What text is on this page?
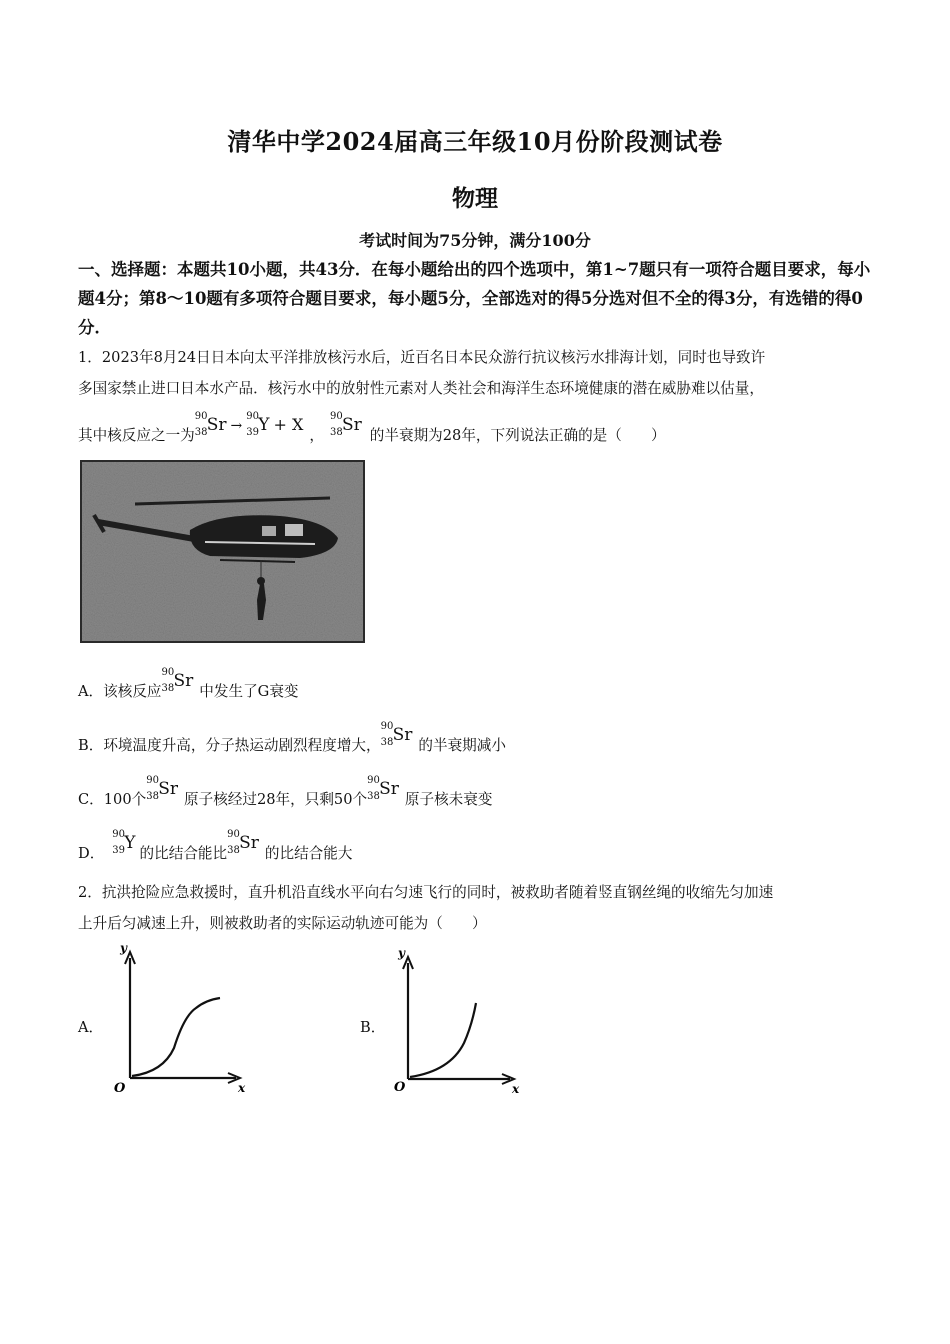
清华中学2024届高三年级10月份阶段测试卷
物理
考试时间为75分钟，满分100分
一、选择题：本题共10小题，共43分．在每小题给出的四个选项中，第1~7题只有一项符合题目要求，每小题4分；第8～10题有多项符合题目要求，每小题5分，全部选对的得5分选对但不全的得3分，有选错的得0分．
1．2023年8月24日日本向太平洋排放核污水后，近百名日本民众游行抗议核污水排海计划，同时也导致许
多国家禁止进口日本水产品．核污水中的放射性元素对人类社会和海洋生态环境健康的潜在威胁难以估量，
其中核反应之一为
90
38 Sr →
90
39 Y + X，
90
38 Sr的半衰期为28年，下列说法正确的是（　　）
A．该核反应
90
38 Sr中发生了G衰变
B．环境温度升高，分子热运动剧烈程度增大，
90
38 Sr的半衰期减小
C．100个
90
38 Sr原子核经过28年，只剩50个
90
38 Sr原子核未衰变
D．
90
39 Y的比结合能比
90
38 Sr的比结合能大
2．抗洪抢险应急救援时，直升机沿直线水平向右匀速飞行的同时，被救助者随着竖直钢丝绳的收缩先匀加速
上升后匀减速上升，则被救助者的实际运动轨迹可能为（　　）
A．	B．
y
x
O
y
x
O
